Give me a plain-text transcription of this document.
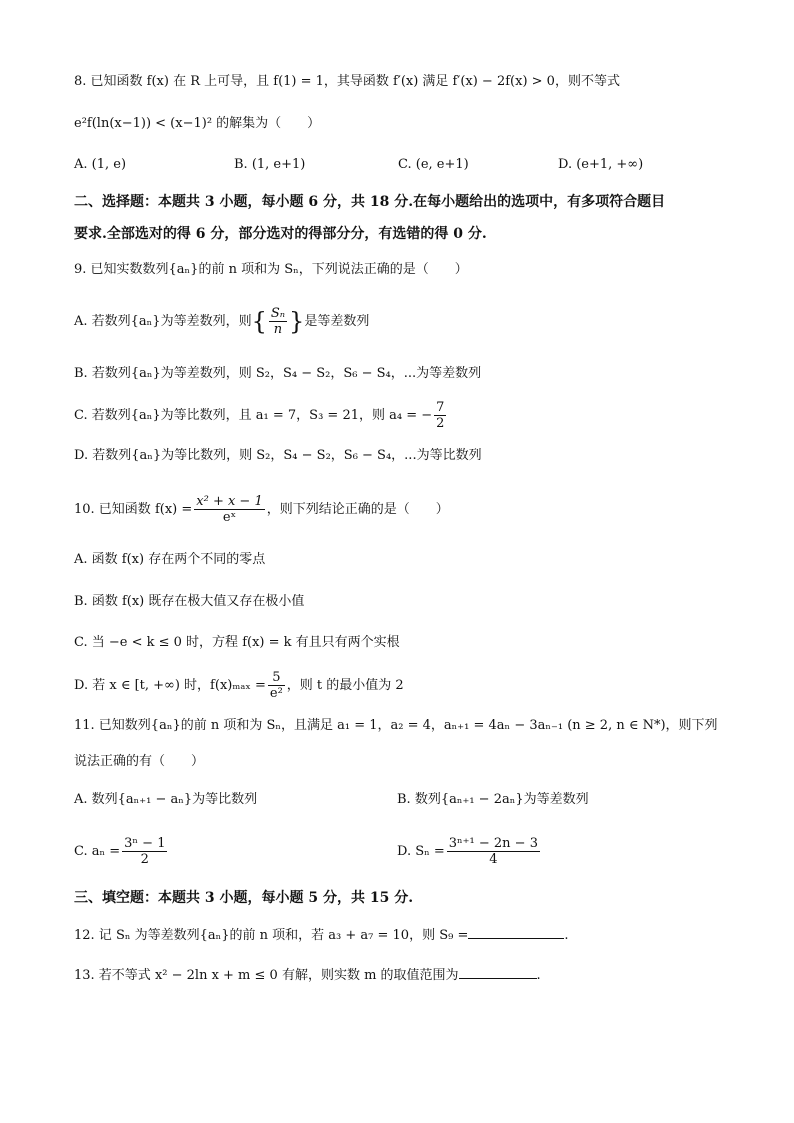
8. 已知函数 f(x) 在 R 上可导，且 f(1) = 1，其导函数 f′(x) 满足 f′(x) − 2f(x) > 0，则不等式
e²f(ln(x−1)) < (x−1)² 的解集为（　　）
A. (1, e)	B. (1, e+1)	C. (e, e+1)	D. (e+1, +∞)
二、选择题：本题共 3 小题，每小题 6 分，共 18 分.在每小题给出的选项中，有多项符合题目
要求.全部选对的得 6 分，部分选对的得部分分，有选错的得 0 分.
9. 已知实数数列{aₙ}的前 n 项和为 Sₙ，下列说法正确的是（　　）
A. 若数列{aₙ}为等差数列，则{ $\frac{\text{Sₙ}}{n}$ }是等差数列
B. 若数列{aₙ}为等差数列，则 S₂，S₄ − S₂，S₆ − S₄，...为等差数列
C. 若数列{aₙ}为等比数列，且 a₁ = 7，S₃ = 21，则 a₄ = − $\frac{7}{2}$
D. 若数列{aₙ}为等比数列，则 S₂，S₄ − S₂，S₆ − S₄，...为等比数列
10. 已知函数 $f(x) = \frac{\text{x² + x − 1}}{\text{eˣ}}$ ，则下列结论正确的是（　　）
A. 函数 f(x) 存在两个不同的零点
B. 函数 f(x) 既存在极大值又存在极小值
C. 当 −e < k ≤ 0 时，方程 f(x) = k 有且只有两个实根
D. 若 x ∈ [t, +∞) 时，$f(x)_{max} = \frac{5}{\text{e²}}$ ，则 t 的最小值为 2
11. 已知数列{aₙ}的前 n 项和为 Sₙ，且满足 a₁ = 1，a₂ = 4，aₙ₊₁ = 4aₙ − 3aₙ₋₁ (n ≥ 2, n ∈ N*)，则下列
说法正确的有（　　）
A. 数列{aₙ₊₁ − aₙ}为等比数列	B. 数列{aₙ₊₁ − 2aₙ}为等差数列
C. $a_n = \frac{\text{3ⁿ − 1}}{2}$	D. $S_n = \frac{\text{3ⁿ⁺¹ − 2n − 3}}{4}$
三、填空题：本题共 3 小题，每小题 5 分，共 15 分.
12. 记 Sₙ 为等差数列{aₙ}的前 n 项和，若 a₃ + a₇ = 10，则 S₉ =	.
13. 若不等式 x² − 2ln x + m ≤ 0 有解，则实数 m 的取值范围为	.
